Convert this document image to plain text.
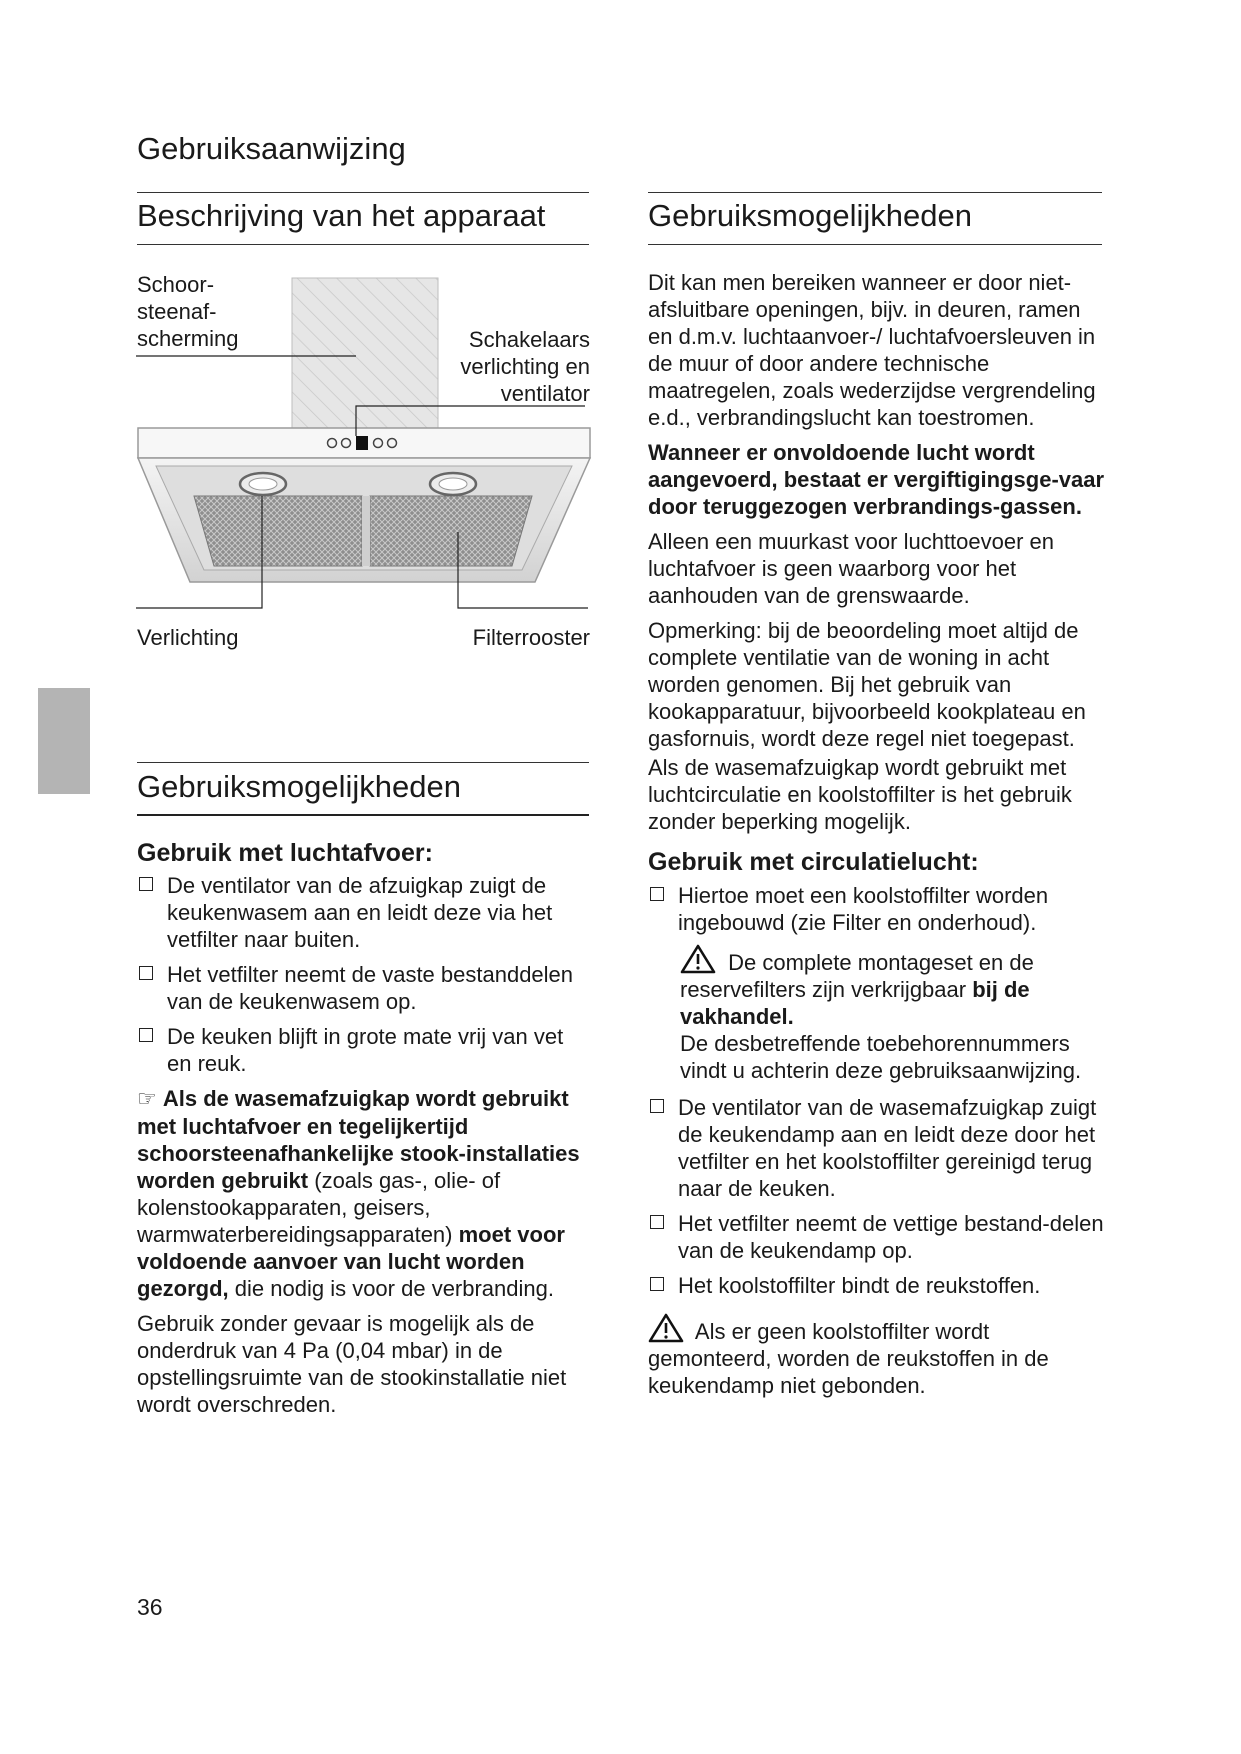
Gebruiksaanwijzing
Beschrijving van het apparaat
Schoor-
steenaf-
scherming	Schakelaars
verlichting en
ventilator
Verlichting	Filterrooster
Gebruiksmogelijkheden
Gebruik met luchtafvoer:
De ventilator van de afzuigkap zuigt de keukenwasem aan en leidt deze via het vetfilter naar buiten.
Het vetfilter neemt de vaste bestanddelen van de keukenwasem op.
De keuken blijft in grote mate vrij van vet en reuk.

☞ Als de wasemafzuigkap wordt gebruikt met luchtafvoer en tegelijkertijd schoorsteenafhankelijke stook-installaties worden gebruikt (zoals gas-, olie- of kolenstookapparaten, geisers, warmwaterbereidingsapparaten) moet voor voldoende aanvoer van lucht worden gezorgd, die nodig is voor de verbranding.

Gebruik zonder gevaar is mogelijk als de onderdruk van 4 Pa (0,04 mbar) in de opstellingsruimte van de stookinstallatie niet wordt overschreden.

Gebruiksmogelijkheden

Dit kan men bereiken wanneer er door niet-afsluitbare openingen, bijv. in deuren, ramen en d.m.v. luchtaanvoer-/ luchtafvoersleuven in de muur of door andere technische maatregelen, zoals wederzijdse vergrendeling e.d., verbrandingslucht kan toestromen.

Wanneer er onvoldoende lucht wordt aangevoerd, bestaat er vergiftigingsge-vaar door teruggezogen verbrandings-gassen.

Alleen een muurkast voor luchttoevoer en luchtafvoer is geen waarborg voor het aanhouden van de grenswaarde.

Opmerking: bij de beoordeling moet altijd de complete ventilatie van de woning in acht worden genomen. Bij het gebruik van kookapparatuur, bijvoorbeeld kookplateau en gasfornuis, wordt deze regel niet toegepast.

Als de wasemafzuigkap wordt gebruikt met luchtcirculatie en koolstoffilter is het gebruik zonder beperking mogelijk.

Gebruik met circulatielucht:
Hiertoe moet een koolstoffilter worden ingebouwd (zie Filter en onderhoud).
De complete montageset en de reservefilters zijn verkrijgbaar bij de vakhandel.
De desbetreffende toebehorennummers vindt u achterin deze gebruiksaanwijzing.
De ventilator van de wasemafzuigkap zuigt de keukendamp aan en leidt deze door het vetfilter en het koolstoffilter gereinigd terug naar de keuken.
Het vetfilter neemt de vettige bestand-delen van de keukendamp op.
Het koolstoffilter bindt de reukstoffen.

Als er geen koolstoffilter wordt gemonteerd, worden de reukstoffen in de keukendamp niet gebonden.

36
